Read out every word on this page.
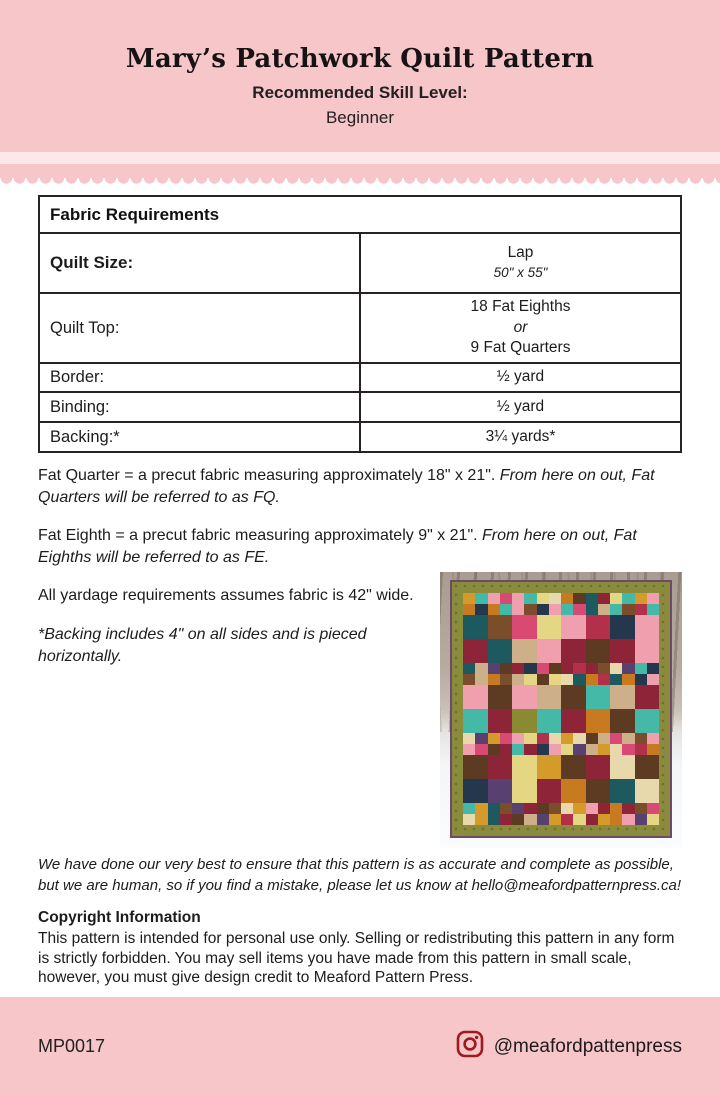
Mary’s Patchwork Quilt Pattern
Recommended Skill Level:
Beginner
Fabric Requirements	
Quilt Size:	Lap
50" x 55"

Quilt Top:	18 Fat Eighths
or
9 Fat Quarters

Border:	½ yard
Binding:	½ yard
Backing:*	3¼ yards*

Fat Quarter = a precut fabric measuring approximately 18" x 21". From here on out, Fat Quarters will be referred to as FQ.

Fat Eighth = a precut fabric measuring approximately 9" x 21". From here on out, Fat Eighths will be referred to as FE.

All yardage requirements assumes fabric is 42" wide.

*Backing includes 4" on all sides and is pieced horizontally.

We have done our very best to ensure that this pattern is as accurate and complete as possible, but we are human, so if you find a mistake, please let us know at hello@meafordpatternpress.ca!

Copyright Information

This pattern is intended for personal use only. Selling or redistributing this pattern in any form is strictly forbidden. You may sell items you have made from this pattern in small scale, however, you must give design credit to Meaford Pattern Press.

MP0017	@meafordpattenpress
